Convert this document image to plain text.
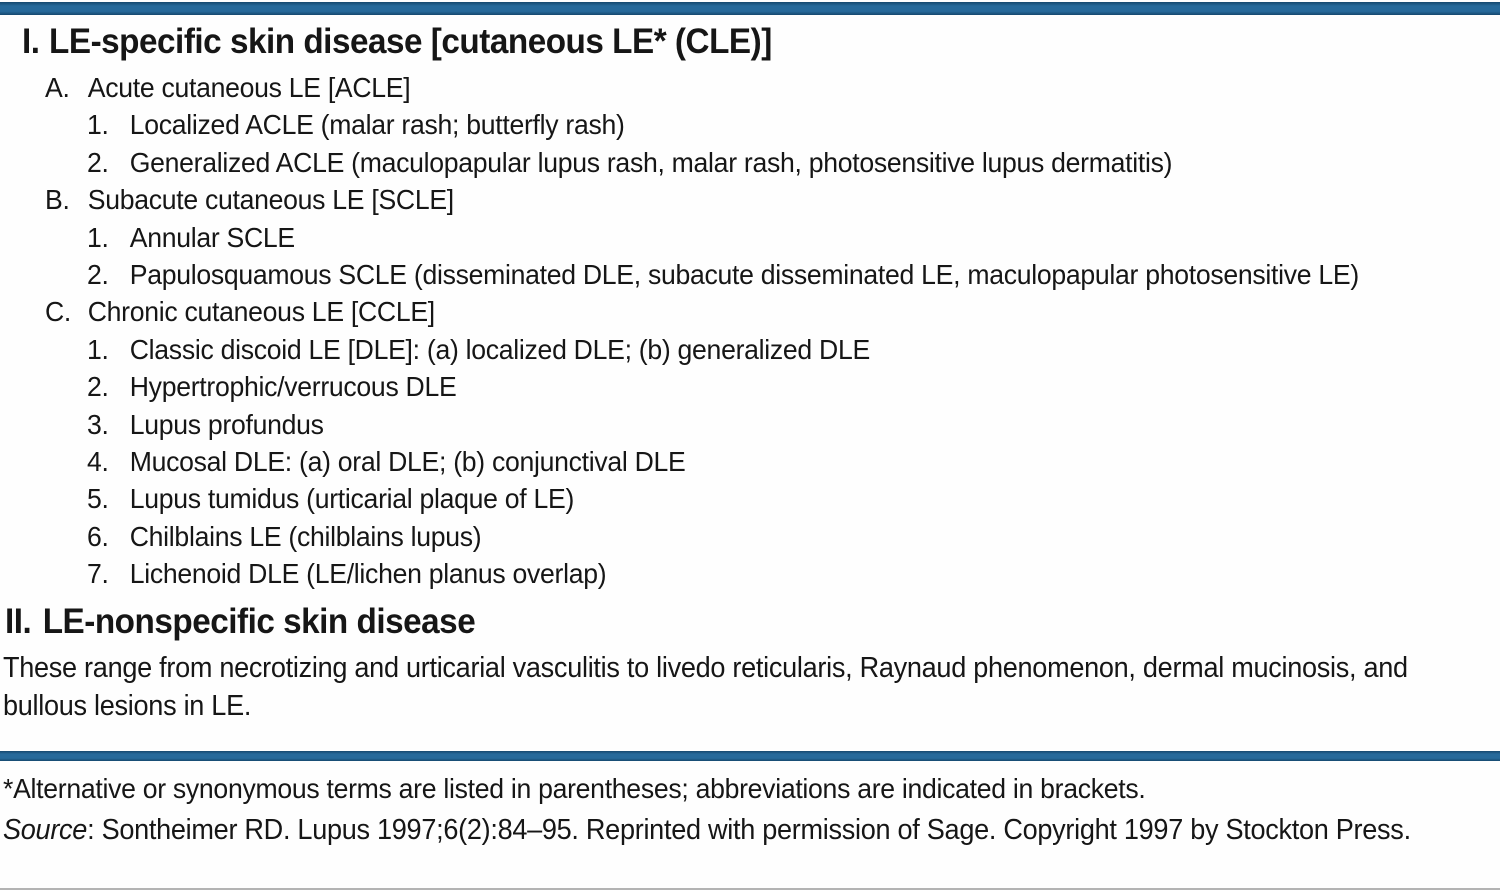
I. LE-specific skin disease [cutaneous LE* (CLE)]
A. Acute cutaneous LE [ACLE]
1. Localized ACLE (malar rash; butterfly rash)
2. Generalized ACLE (maculopapular lupus rash, malar rash, photosensitive lupus dermatitis)
B. Subacute cutaneous LE [SCLE]
1. Annular SCLE
2. Papulosquamous SCLE (disseminated DLE, subacute disseminated LE, maculopapular photosensitive LE)
C. Chronic cutaneous LE [CCLE]
1. Classic discoid LE [DLE]: (a) localized DLE; (b) generalized DLE
2. Hypertrophic/verrucous DLE
3. Lupus profundus
4. Mucosal DLE: (a) oral DLE; (b) conjunctival DLE
5. Lupus tumidus (urticarial plaque of LE)
6. Chilblains LE (chilblains lupus)
7. Lichenoid DLE (LE/lichen planus overlap)
II. LE-nonspecific skin disease
These range from necrotizing and urticarial vasculitis to livedo reticularis, Raynaud phenomenon, dermal mucinosis, and bullous lesions in LE.
*Alternative or synonymous terms are listed in parentheses; abbreviations are indicated in brackets.
Source: Sontheimer RD. Lupus 1997;6(2):84–95. Reprinted with permission of Sage. Copyright 1997 by Stockton Press.
